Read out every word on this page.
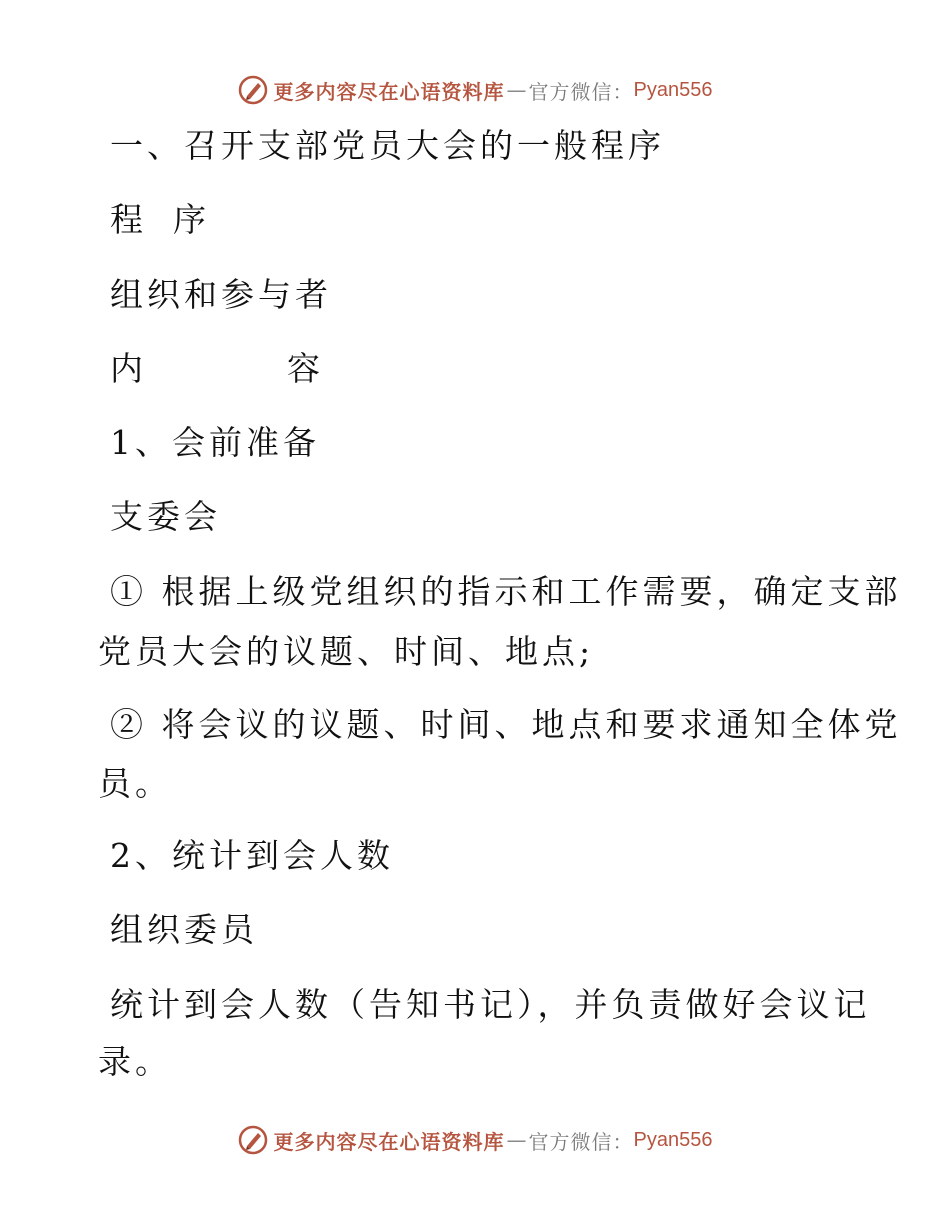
更多内容尽在心语资料库 — 官方微信： Pyan556
一、召开支部党员大会的一般程序
程 序
组织和参与者
内	容
1、会前准备
支委会
① 根据上级党组织的指示和工作需要，确定支部
党员大会的议题、时间、地点;
② 将会议的议题、时间、地点和要求通知全体党
员。
2、统计到会人数
组织委员
统计到会人数（告知书记），并负责做好会议记
录。
更多内容尽在心语资料库 — 官方微信： Pyan556
